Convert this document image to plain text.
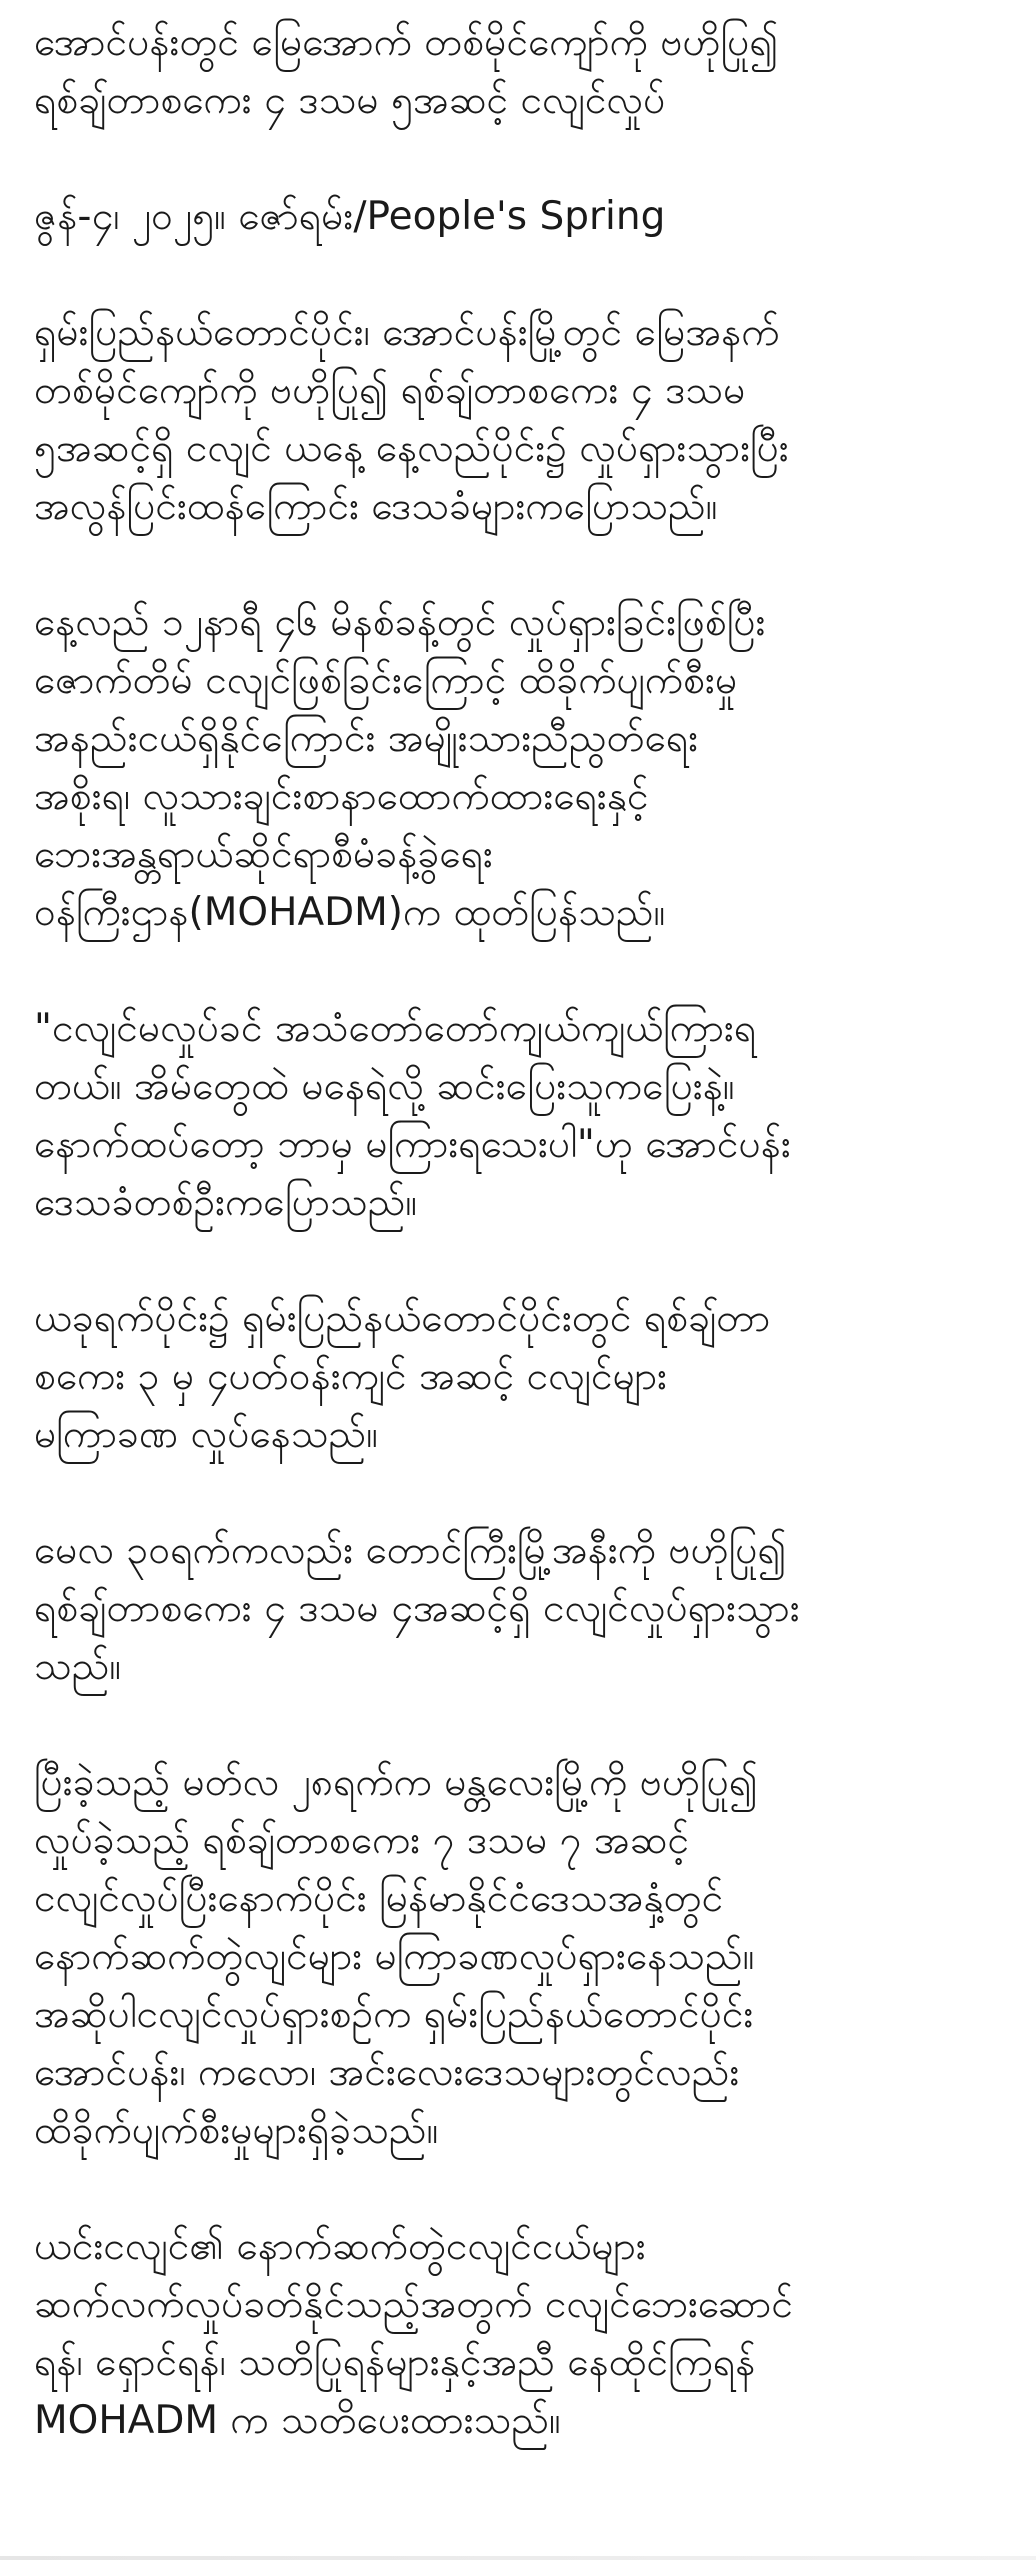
အောင်ပန်းတွင် မြေအောက် တစ်မိုင်ကျော်ကို ဗဟိုပြု၍
ရစ်ချ်တာစကေး ၄ ဒသမ ၅အဆင့် ငလျင်လှုပ်
ဇွန်-၄၊ ၂၀၂၅။ ဇော်ရမ်း/People's Spring
ရှမ်းပြည်နယ်တောင်ပိုင်း၊ အောင်ပန်းမြို့တွင် မြေအနက်
တစ်မိုင်ကျော်ကို ဗဟိုပြု၍ ရစ်ချ်တာစကေး ၄ ဒသမ
၅အဆင့်ရှိ ငလျင် ယနေ့ နေ့လည်ပိုင်း၌ လှုပ်ရှားသွားပြီး
အလွန်ပြင်းထန်ကြောင်း ဒေသခံများကပြောသည်။
နေ့လည် ၁၂နာရီ ၄၆ မိနစ်ခန့်တွင် လှုပ်ရှားခြင်းဖြစ်ပြီး
ဇောက်တိမ် ငလျင်ဖြစ်ခြင်းကြောင့် ထိခိုက်ပျက်စီးမှု
အနည်းငယ်ရှိနိုင်ကြောင်း အမျိုးသားညီညွတ်ရေး
အစိုးရ၊ လူသားချင်းစာနာထောက်ထားရေးနှင့်
ဘေးအန္တရာယ်ဆိုင်ရာစီမံခန့်ခွဲရေး
ဝန်ကြီးဌာန(MOHADM)က ထုတ်ပြန်သည်။
"ငလျင်မလှုပ်ခင် အသံတော်တော်ကျယ်ကျယ်ကြားရ
တယ်။ အိမ်တွေထဲ မနေရဲလို့ ဆင်းပြေးသူကပြေးနဲ့။
နောက်ထပ်တော့ ဘာမှ မကြားရသေးပါ"ဟု အောင်ပန်း
ဒေသခံတစ်ဦးကပြောသည်။
ယခုရက်ပိုင်း၌ ရှမ်းပြည်နယ်တောင်ပိုင်းတွင် ရစ်ချ်တာ
စကေး ၃ မှ ၄ပတ်ဝန်းကျင် အဆင့် ငလျင်များ
မကြာခဏ လှုပ်နေသည်။
မေလ ၃၀ရက်ကလည်း တောင်ကြီးမြို့အနီးကို ဗဟိုပြု၍
ရစ်ချ်တာစကေး ၄ ဒသမ ၄အဆင့်ရှိ ငလျင်လှုပ်ရှားသွား
သည်။
ပြီးခဲ့သည့် မတ်လ ၂၈ရက်က မန္တလေးမြို့ကို ဗဟိုပြု၍
လှုပ်ခဲ့သည့် ရစ်ချ်တာစကေး ၇ ဒသမ ၇ အဆင့်
ငလျင်လှုပ်ပြီးနောက်ပိုင်း မြန်မာနိုင်ငံဒေသအနှံ့တွင်
နောက်ဆက်တွဲလျင်များ မကြာခဏလှုပ်ရှားနေသည်။
အဆိုပါငလျင်လှုပ်ရှားစဉ်က ရှမ်းပြည်နယ်တောင်ပိုင်း
အောင်ပန်း၊ ကလော၊ အင်းလေးဒေသများတွင်လည်း
ထိခိုက်ပျက်စီးမှုများရှိခဲ့သည်။
ယင်းငလျင်၏ နောက်ဆက်တွဲငလျင်ငယ်များ
ဆက်လက်လှုပ်ခတ်နိုင်သည့်အတွက် ငလျင်ဘေးဆောင်
ရန်၊ ရှောင်ရန်၊ သတိပြုရန်များနှင့်အညီ နေထိုင်ကြရန်
MOHADM က သတိပေးထားသည်။
